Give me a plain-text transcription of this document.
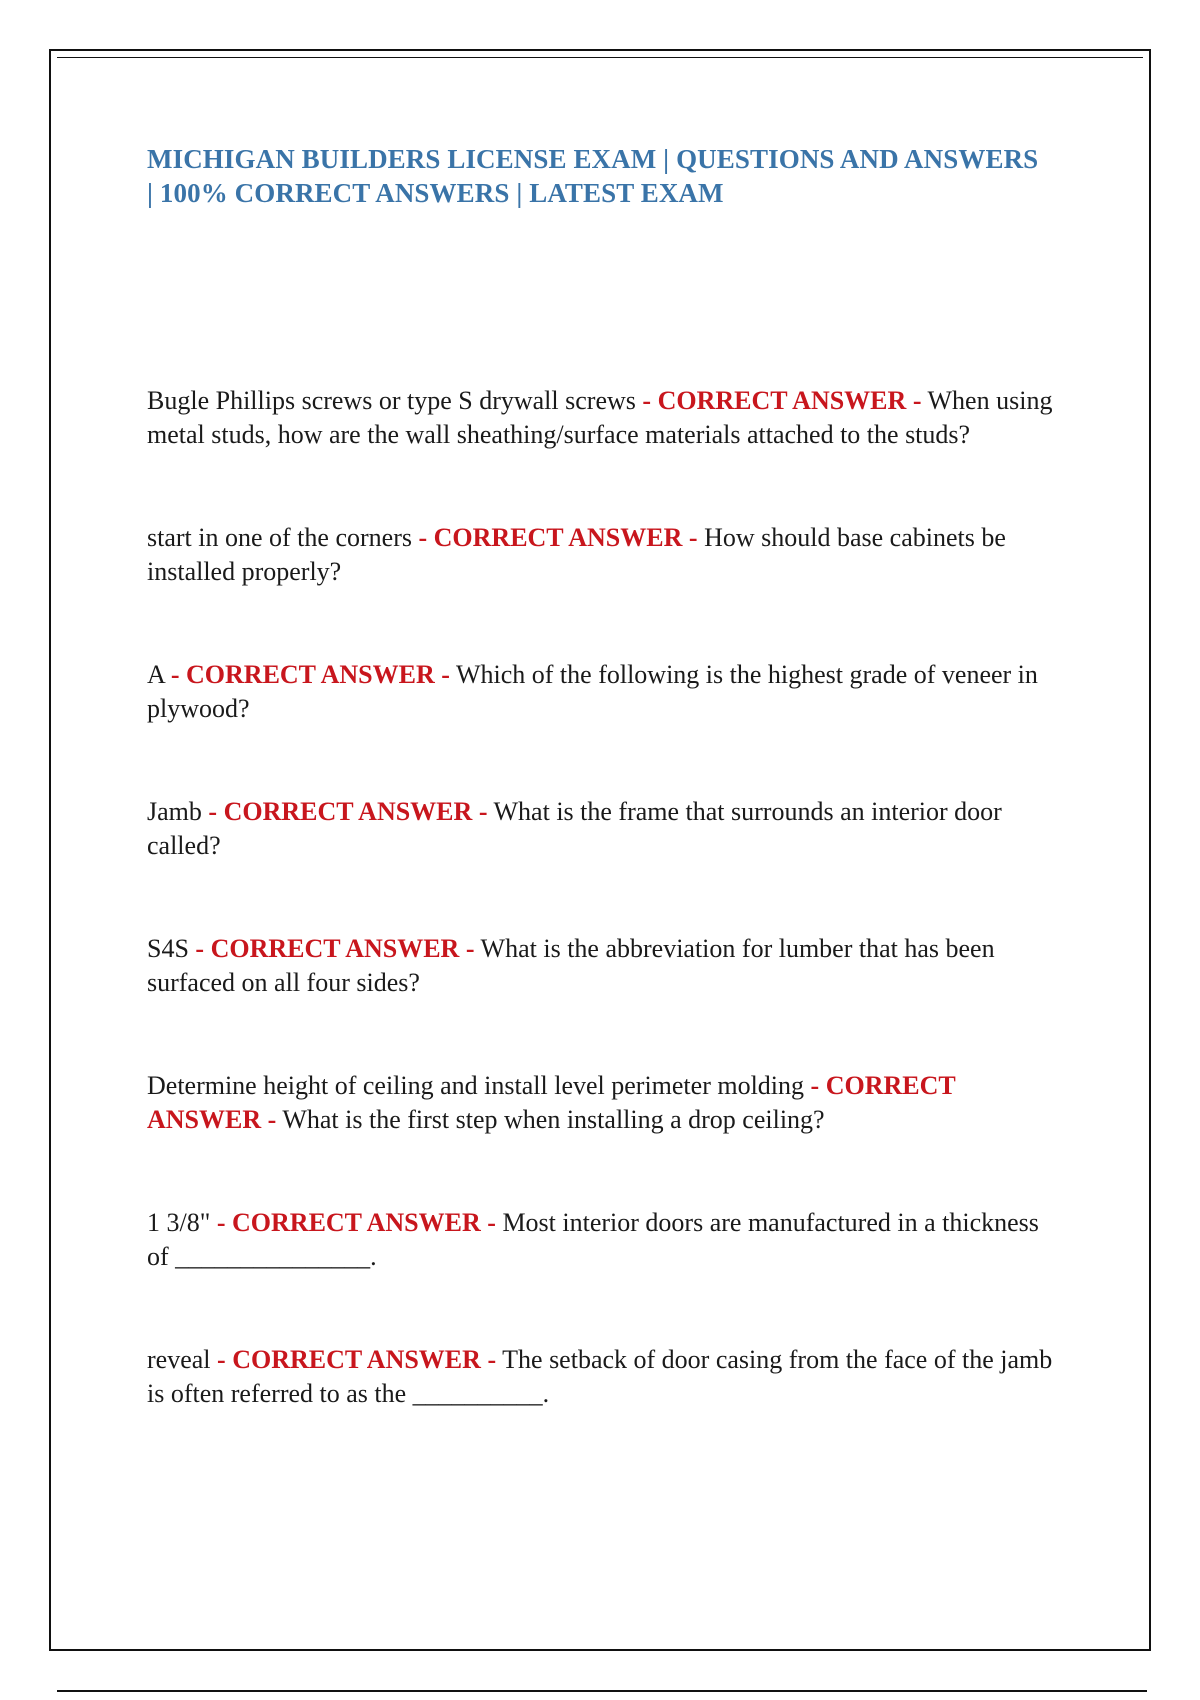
MICHIGAN BUILDERS LICENSE EXAM | QUESTIONS AND ANSWERS | 100% CORRECT ANSWERS | LATEST EXAM

Bugle Phillips screws or type S drywall screws - CORRECT ANSWER - When using metal studs, how are the wall sheathing/surface materials attached to the studs?

start in one of the corners - CORRECT ANSWER - How should base cabinets be installed properly?

A - CORRECT ANSWER - Which of the following is the highest grade of veneer in plywood?

Jamb - CORRECT ANSWER - What is the frame that surrounds an interior door called?

S4S - CORRECT ANSWER - What is the abbreviation for lumber that has been surfaced on all four sides?

Determine height of ceiling and install level perimeter molding - CORRECT ANSWER - What is the first step when installing a drop ceiling?

1 3/8" - CORRECT ANSWER - Most interior doors are manufactured in a thickness of _______________.

reveal - CORRECT ANSWER - The setback of door casing from the face of the jamb is often referred to as the __________.
